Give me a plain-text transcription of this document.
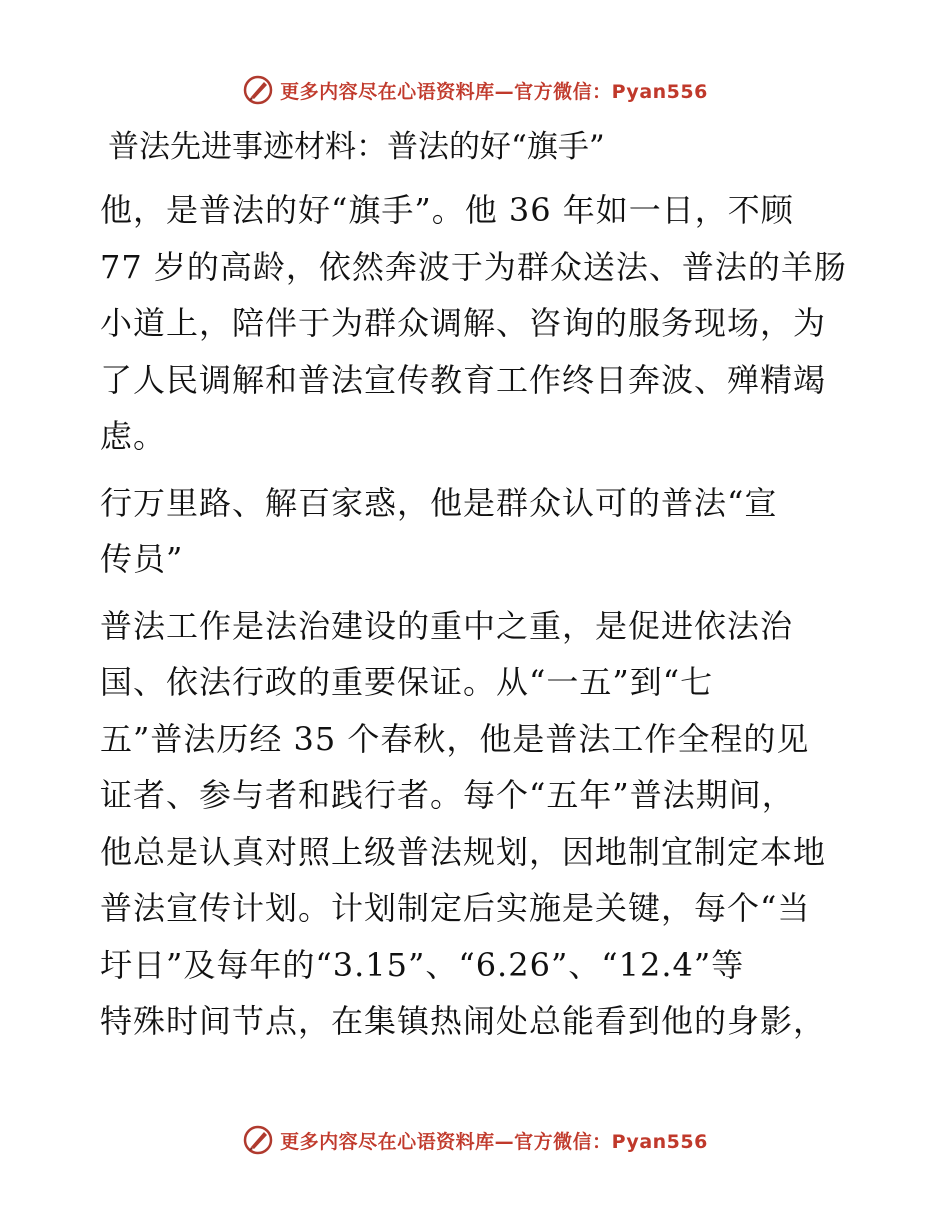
更多内容尽在心语资料库—官方微信：Pyan556
普法先进事迹材料：普法的好“旗手”

他，是普法的好“旗手”。他 36 年如一日，不顾
77 岁的高龄，依然奔波于为群众送法、普法的羊肠
小道上，陪伴于为群众调解、咨询的服务现场，为
了人民调解和普法宣传教育工作终日奔波、殚精竭
虑。

行万里路、解百家惑，他是群众认可的普法“宣
传员”

普法工作是法治建设的重中之重，是促进依法治
国、依法行政的重要保证。从“一五”到“七
五”普法历经 35 个春秋，他是普法工作全程的见
证者、参与者和践行者。每个“五年”普法期间，
他总是认真对照上级普法规划，因地制宜制定本地
普法宣传计划。计划制定后实施是关键，每个“当
圩日”及每年的“3.15”、“6.26”、“12.4”等
特殊时间节点，在集镇热闹处总能看到他的身影，

更多内容尽在心语资料库—官方微信：Pyan556
